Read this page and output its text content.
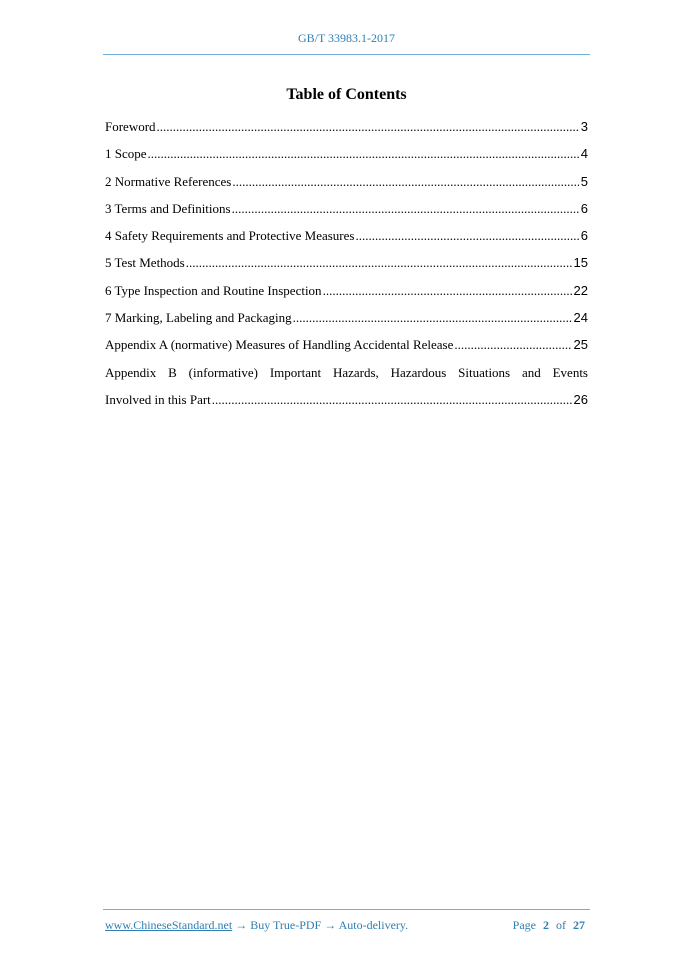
GB/T 33983.1-2017
Table of Contents
Foreword .....	3
1 Scope .....	4
2 Normative References .....	5
3 Terms and Definitions .....	6
4 Safety Requirements and Protective Measures .....	6
5 Test Methods .....	15
6 Type Inspection and Routine Inspection .....	22
7 Marking, Labeling and Packaging .....	24
Appendix A (normative) Measures of Handling Accidental Release .....	25
Appendix B (informative) Important Hazards, Hazardous Situations and Events
Involved in this Part .....	26
www.ChineseStandard.net → Buy True-PDF → Auto-delivery.	Page 2 of 27
